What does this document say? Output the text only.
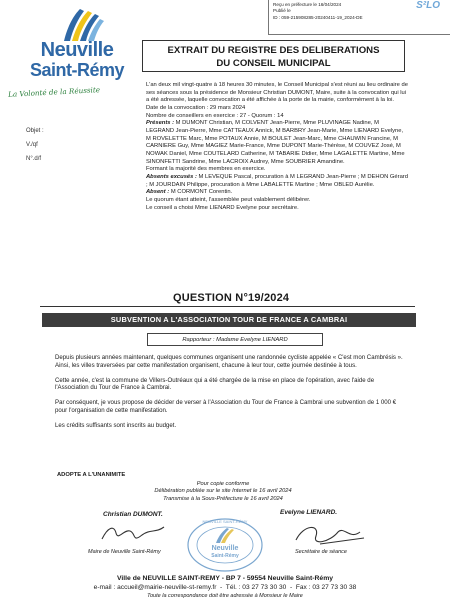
Reçu en préfecture le 16/04/2024
Publié le
ID : 059-215908285-20240411-19_2024-DE
S²LO
Neuville
Saint-Rémy
La Volonté de la Réussite
EXTRAIT DU REGISTRE DES DELIBERATIONS
DU CONSEIL MUNICIPAL
Objet :
V./qf
N°.d/f

L'an deux mil vingt-quatre à 18 heures 30 minutes, le Conseil Municipal s'est réuni au lieu ordinaire de ses séances sous la présidence de Monsieur Christian DUMONT, Maire, suite à la convocation qui lui a été adressée, laquelle convocation a été affichée à la porte de la mairie, conformément à la loi.

Date de la convocation : 29 mars 2024

Nombre de conseillers en exercice : 27 - Quorum : 14

Présents : M DUMONT Christian, M COLVENT Jean-Pierre, Mme PLUVINAGE Nadine, M LEGRAND Jean-Pierre, Mme CATTEAUX Annick, M BARBRY Jean-Marie, Mme LIENARD Evelyne, M ROVELETTE Marc, Mme POTAUX Annie, M BOULET Jean-Marc, Mme CHAUWIN Francine, M CARNIERE Guy, Mme MAGIEZ Marie-France, Mme DUPONT Marie-Thérèse, M COUVEZ José, M NOWAK Daniel, Mme COUTELARD Catherine, M TABARIE Didier, Mme LAGALETTE Martine, Mme SINONFETTI Sandrine, Mme LACROIX Audrey, Mme SOUBRIER Amandine.

Formant la majorité des membres en exercice.

Absents excusés : M LEVEQUE Pascal, procuration à M LEGRAND Jean-Pierre ; M DEHON Gérard ; M JOURDAIN Philippe, procuration à Mme LABALETTE Martine ; Mme OBLED Aurélie.

Absent : M CORMONT Corentin.

Le quorum étant atteint, l'assemblée peut valablement délibérer.

Le conseil a choisi Mme LIENARD Evelyne pour secrétaire.

QUESTION N°19/2024
SUBVENTION A L'ASSOCIATION TOUR DE FRANCE A CAMBRAI
Rapporteur : Madame Evelyne LIENARD

Depuis plusieurs années maintenant, quelques communes organisent une randonnée cycliste appelée « C'est mon Cambrésis ».
Ainsi, les villes traversées par cette manifestation organisent, chacune à leur tour, cette journée destinée à tous.

Cette année, c'est la commune de Villers-Outréaux qui a été chargée de la mise en place de l'opération, avec l'aide de l'Association du Tour de France à Cambrai.

Par conséquent, je vous propose de décider de verser à l'Association du Tour de France à Cambrai une subvention de 1 000 € pour l'organisation de cette manifestation.

Les crédits suffisants sont inscrits au budget.

ADOPTE A L'UNANIMITE
Pour copie conforme
Délibération publiée sur le site Internet le 16 avril 2024
Transmise à la Sous-Préfecture le 16 avril 2024
Christian DUMONT.
Maire de Neuville Saint-Rémy
Evelyne LIENARD.
Secrétaire de séance
NEUVILLE SAINT-RÉMY
Neuville
Saint-Rémy
Ville de NEUVILLE SAINT-REMY - BP 7 - 59554 Neuville Saint-Rémy
e-mail : accueil@mairie-neuville-st-remy.fr  -  Tél. : 03 27 73 30 30  -  Fax : 03 27 73 30 38
Toute la correspondance doit être adressée à Monsieur le Maire
